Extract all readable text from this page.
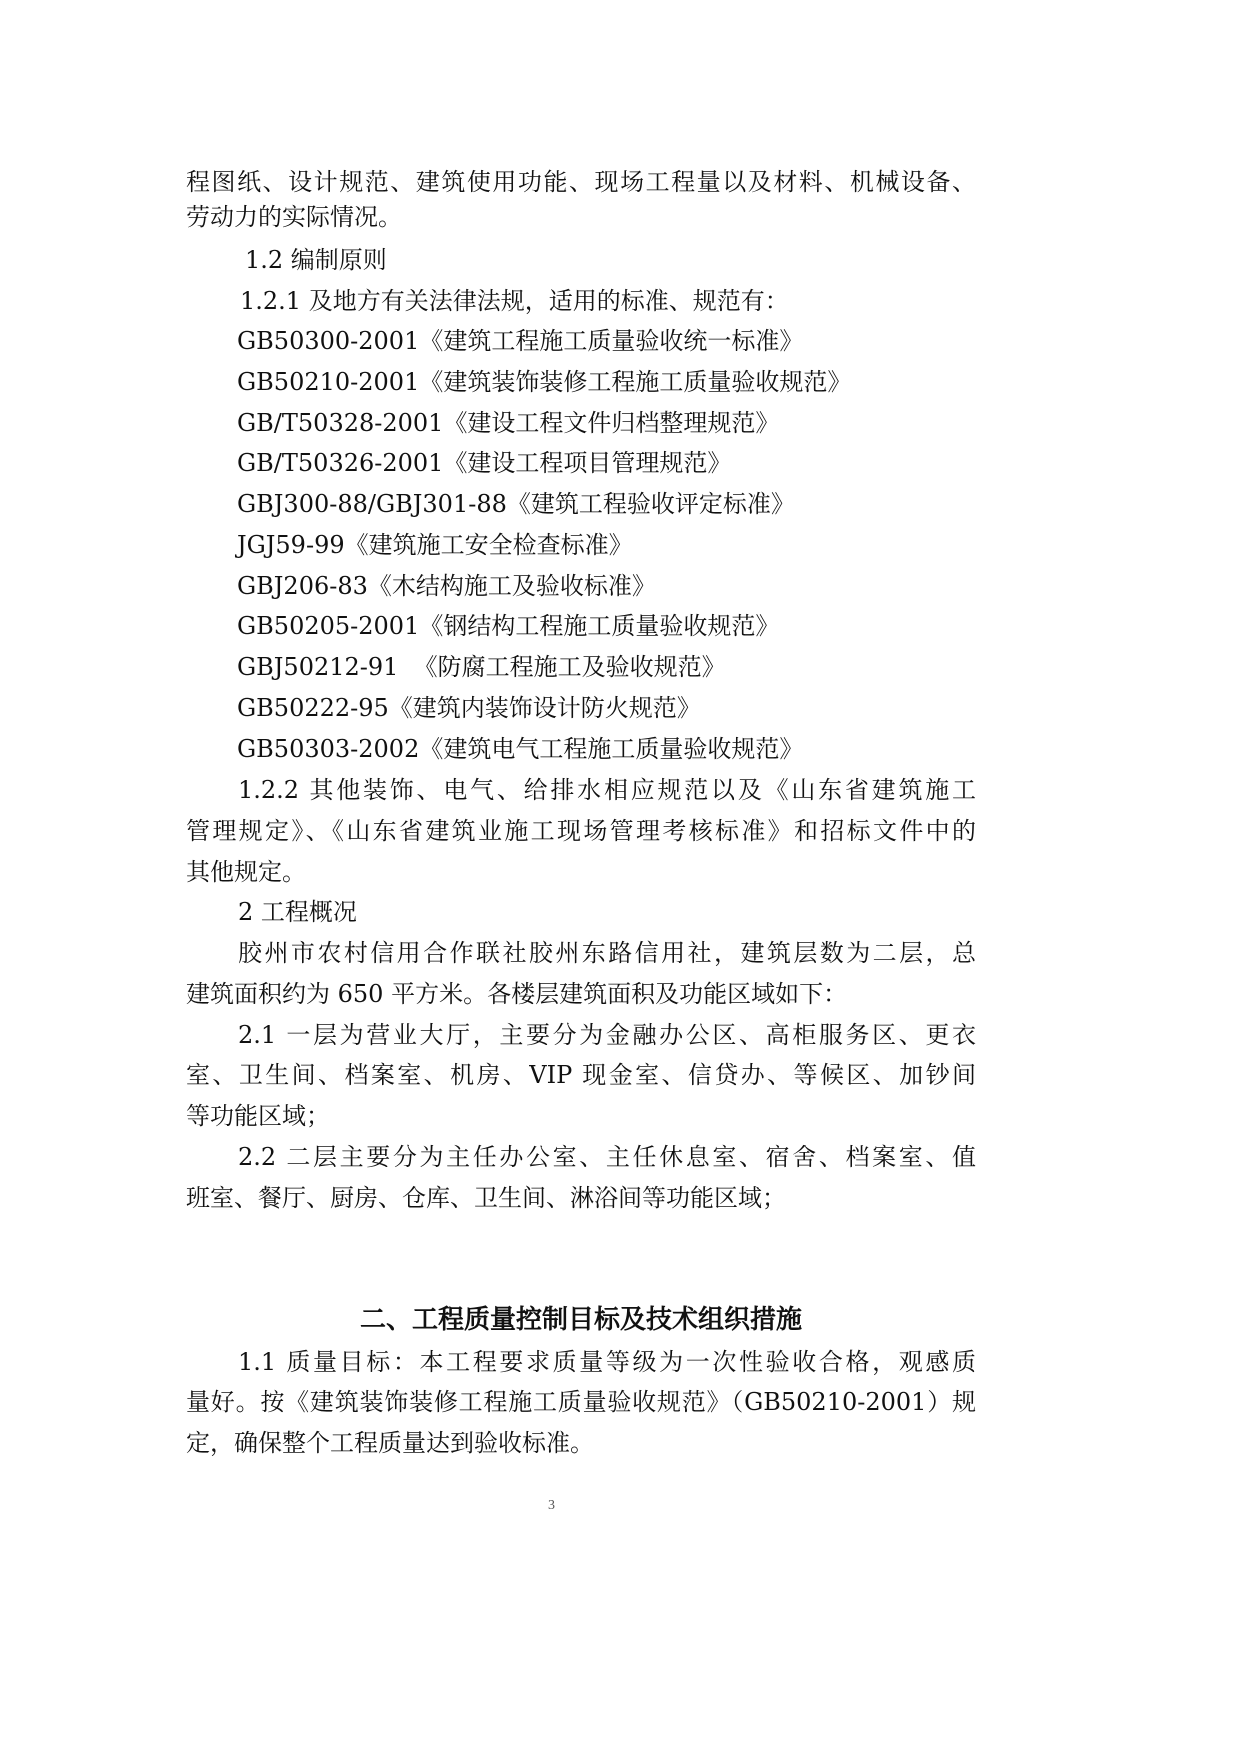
程图纸、设计规范、建筑使用功能、现场工程量以及材料、机械设备、
劳动力的实际情况。
1.2 编制原则
1.2.1 及地方有关法律法规，适用的标准、规范有：
GB50300-2001《建筑工程施工质量验收统一标准》
GB50210-2001《建筑装饰装修工程施工质量验收规范》
GB/T50328-2001《建设工程文件归档整理规范》
GB/T50326-2001《建设工程项目管理规范》
GBJ300-88/GBJ301-88《建筑工程验收评定标准》
JGJ59-99《建筑施工安全检查标准》
GBJ206-83《木结构施工及验收标准》
GB50205-2001《钢结构工程施工质量验收规范》
GBJ50212-91  《防腐工程施工及验收规范》
GB50222-95《建筑内装饰设计防火规范》
GB50303-2002《建筑电气工程施工质量验收规范》
1.2.2 其他装饰、电气、给排水相应规范以及《山东省建筑施工
管理规定》、《山东省建筑业施工现场管理考核标准》和招标文件中的
其他规定。
2 工程概况
胶州市农村信用合作联社胶州东路信用社，建筑层数为二层，总
建筑面积约为 650 平方米。各楼层建筑面积及功能区域如下：
2.1 一层为营业大厅，主要分为金融办公区、高柜服务区、更衣
室、卫生间、档案室、机房、VIP 现金室、信贷办、等候区、加钞间
等功能区域；
2.2 二层主要分为主任办公室、主任休息室、宿舍、档案室、值
班室、餐厅、厨房、仓库、卫生间、淋浴间等功能区域；
二、工程质量控制目标及技术组织措施
1.1 质量目标：本工程要求质量等级为一次性验收合格，观感质
量好。按《建筑装饰装修工程施工质量验收规范》（GB50210-2001）规
定，确保整个工程质量达到验收标准。
3
